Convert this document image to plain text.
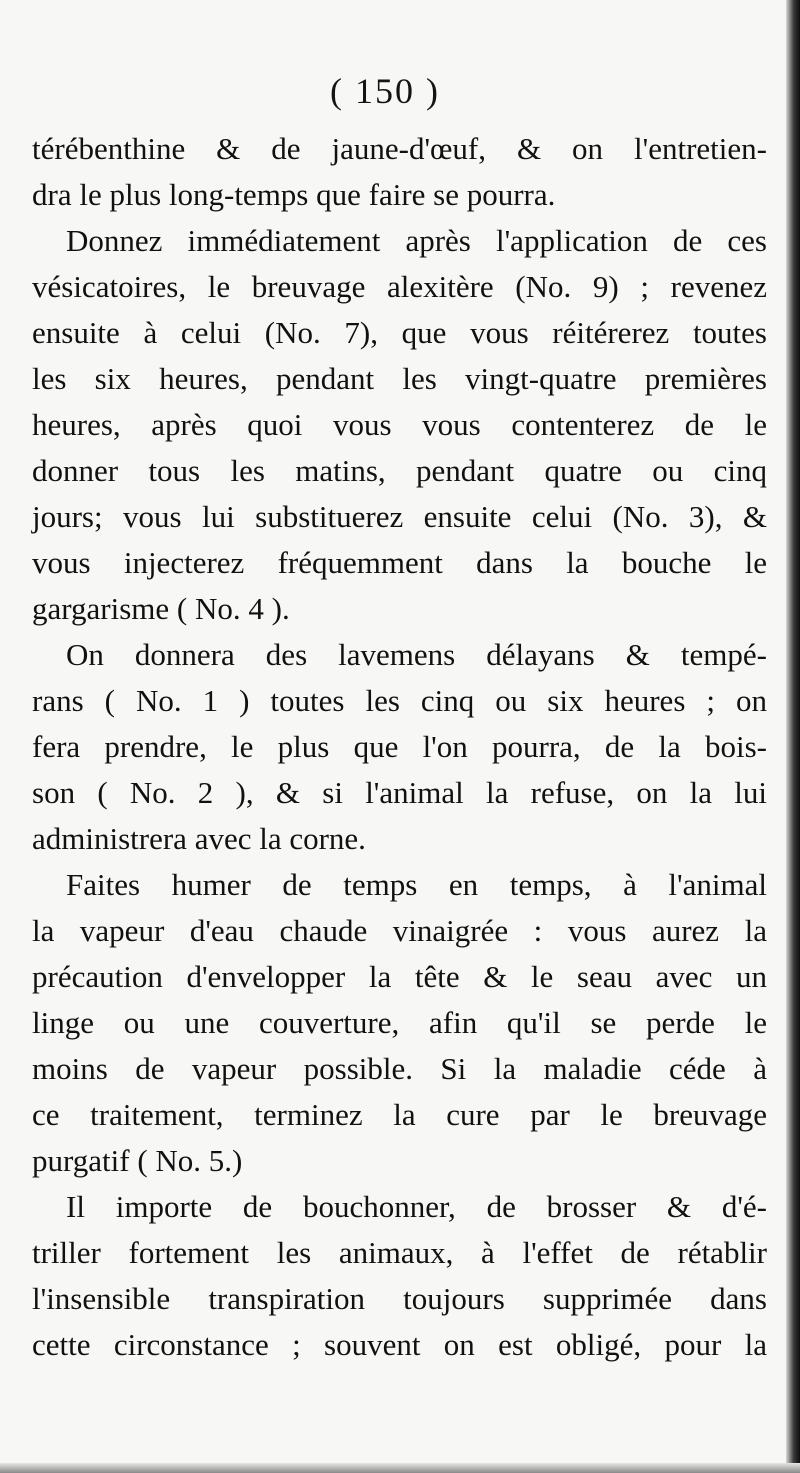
( 150 )
térébenthine & de jaune-d'œuf, & on l'entretien-
dra le plus long-temps que faire se pourra.
Donnez immédiatement après l'application de ces
vésicatoires, le breuvage alexitère (No. 9) ; revenez
ensuite à celui (No. 7), que vous réitérerez toutes
les six heures, pendant les vingt-quatre premières
heures, après quoi vous vous contenterez de le
donner tous les matins, pendant quatre ou cinq
jours; vous lui substituerez ensuite celui (No. 3), &
vous injecterez fréquemment dans la bouche le
gargarisme ( No. 4 ).
On donnera des lavemens délayans & tempé-
rans ( No. 1 ) toutes les cinq ou six heures ; on
fera prendre, le plus que l'on pourra, de la bois-
son ( No. 2 ), & si l'animal la refuse, on la lui
administrera avec la corne.
Faites humer de temps en temps, à l'animal
la vapeur d'eau chaude vinaigrée : vous aurez la
précaution d'envelopper la tête & le seau avec un
linge ou une couverture, afin qu'il se perde le
moins de vapeur possible. Si la maladie céde à
ce traitement, terminez la cure par le breuvage
purgatif ( No. 5.)
Il importe de bouchonner, de brosser & d'é-
triller fortement les animaux, à l'effet de rétablir
l'insensible transpiration toujours supprimée dans
cette circonstance ; souvent on est obligé, pour la
